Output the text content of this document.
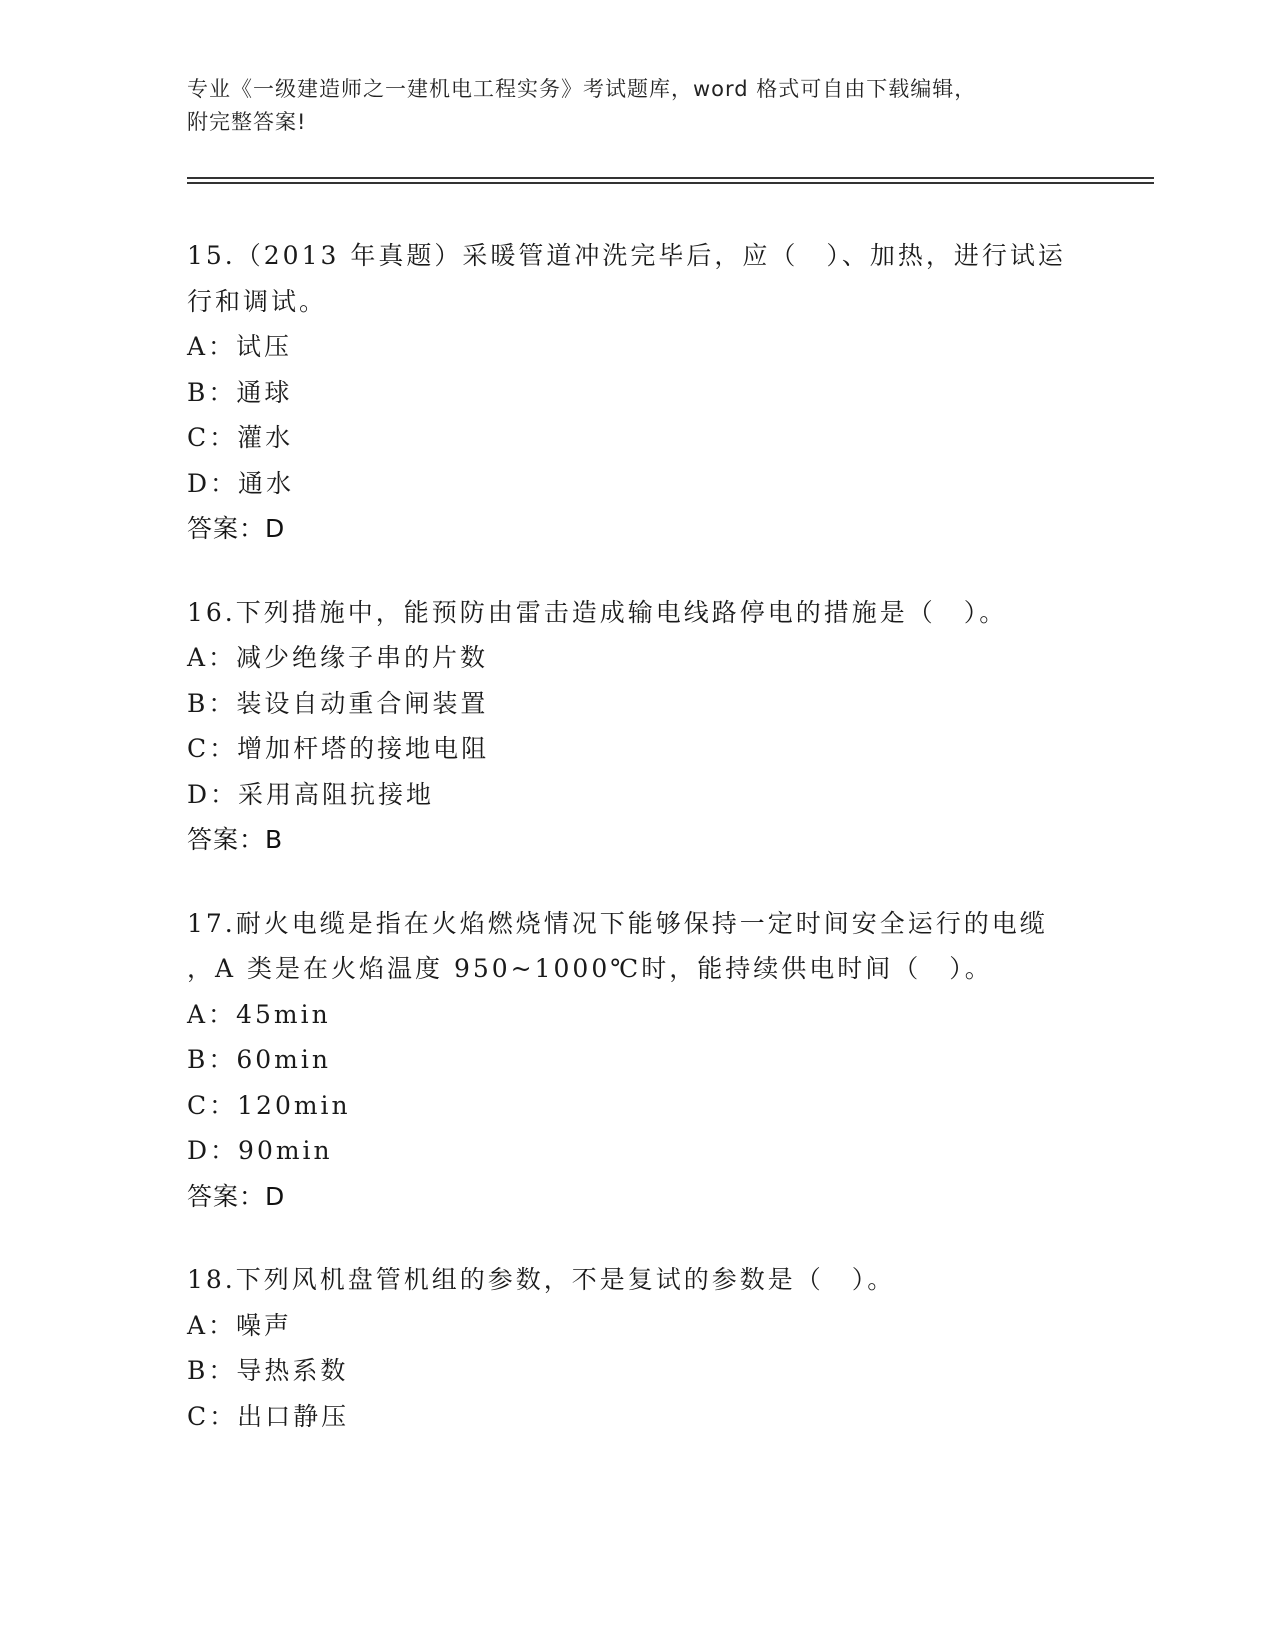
专业《一级建造师之一建机电工程实务》考试题库，word 格式可自由下载编辑，
附完整答案!
15.（2013 年真题）采暖管道冲洗完毕后，应（　）、加热，进行试运
行和调试。
A：试压
B：通球
C：灌水
D：通水
答案：D
16.下列措施中，能预防由雷击造成输电线路停电的措施是（　）。
A：减少绝缘子串的片数
B：装设自动重合闸装置
C：增加杆塔的接地电阻
D：采用高阻抗接地
答案：B
17.耐火电缆是指在火焰燃烧情况下能够保持一定时间安全运行的电缆
，A 类是在火焰温度 950~1000℃时，能持续供电时间（　）。
A：45min
B：60min
C：120min
D：90min
答案：D
18.下列风机盘管机组的参数，不是复试的参数是（　）。
A：噪声
B：导热系数
C：出口静压
